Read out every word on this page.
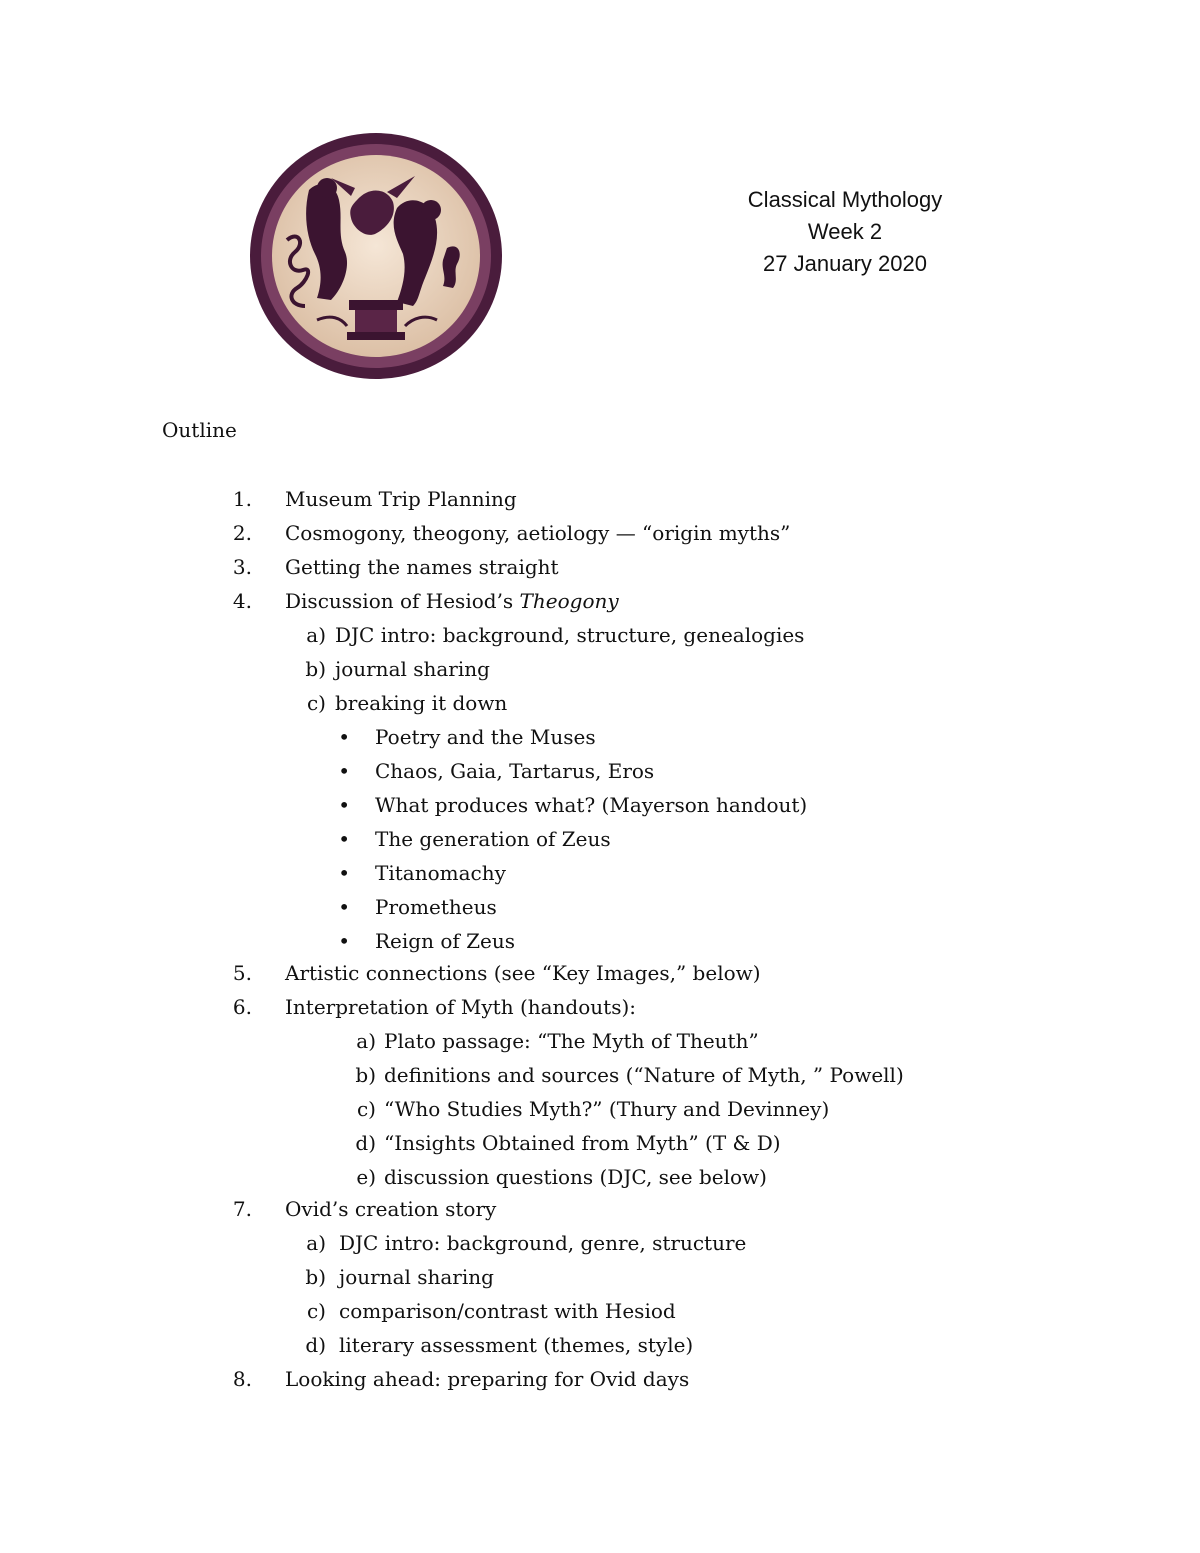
Classical Mythology
Week 2
27 January 2020
Outline
1. Museum Trip Planning
2. Cosmogony, theogony, aetiology — “origin myths”
3. Getting the names straight
4. Discussion of Hesiod’s Theogony
a) DJC intro: background, structure, genealogies
b) journal sharing
c) breaking it down
• Poetry and the Muses
• Chaos, Gaia, Tartarus, Eros
• What produces what? (Mayerson handout)
• The generation of Zeus
• Titanomachy
• Prometheus
• Reign of Zeus
5. Artistic connections (see “Key Images,” below)
6. Interpretation of Myth (handouts):
a) Plato passage: “The Myth of Theuth”
b) definitions and sources (“Nature of Myth, ” Powell)
c) “Who Studies Myth?” (Thury and Devinney)
d) “Insights Obtained from Myth” (T & D)
e) discussion questions (DJC, see below)
7. Ovid’s creation story
a) DJC intro: background, genre, structure
b) journal sharing
c) comparison/contrast with Hesiod
d) literary assessment (themes, style)
8. Looking ahead: preparing for Ovid days
